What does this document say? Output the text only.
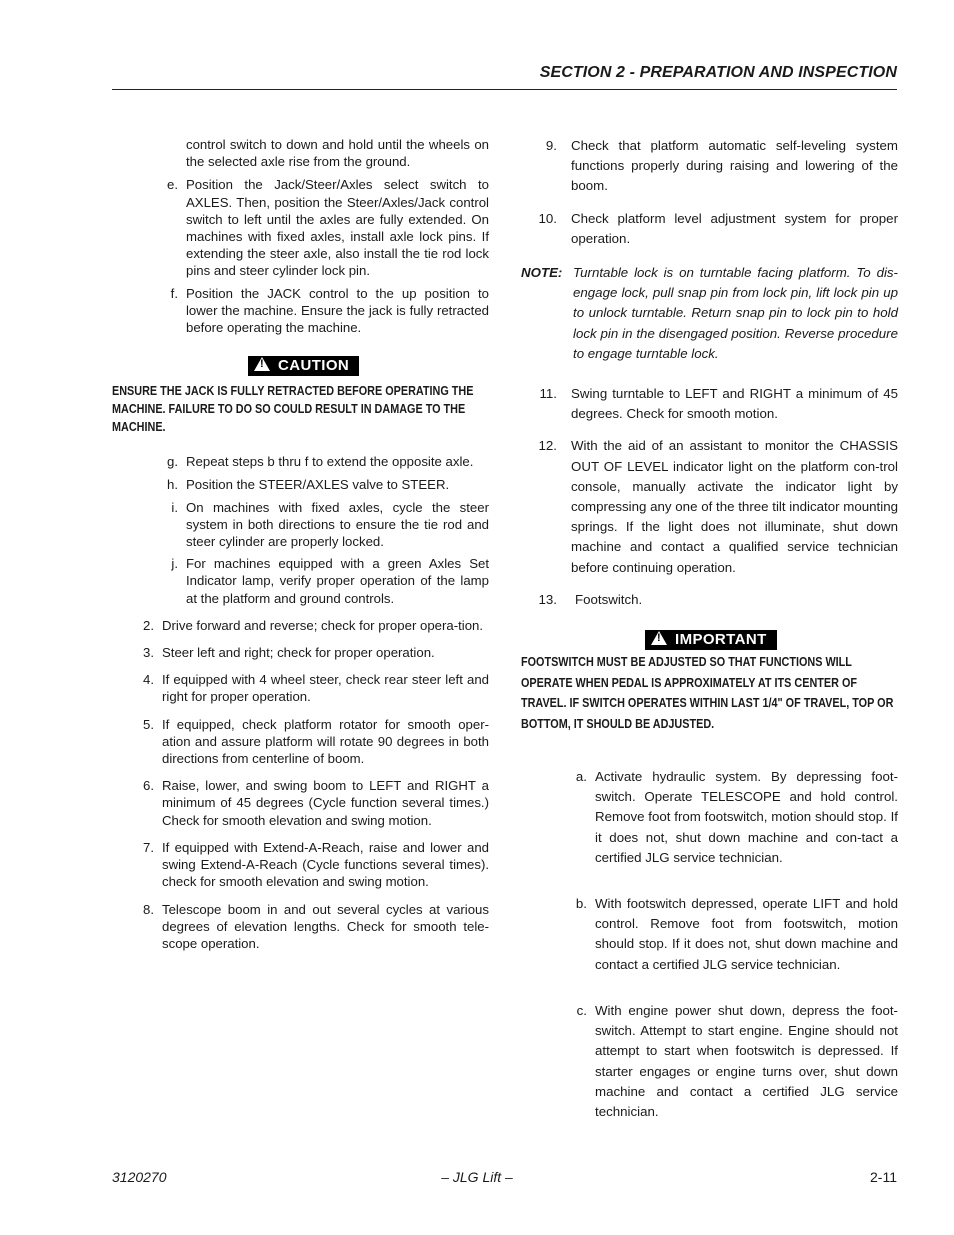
SECTION 2 - PREPARATION AND INSPECTION
control switch to down and hold until the wheels on the selected axle rise from the ground.
e. Position the Jack/Steer/Axles select switch to AXLES. Then, position the Steer/Axles/Jack control switch to left until the axles are fully extended. On machines with fixed axles, install axle lock pins. If extending the steer axle, also install the tie rod lock pins and steer cylinder lock pin.
f. Position the JACK control to the up position to lower the machine. Ensure the jack is fully retracted before operating the machine.
!CAUTION
ENSURE THE JACK IS FULLY RETRACTED BEFORE OPERATING THE MACHINE. FAILURE TO DO SO COULD RESULT IN DAMAGE TO THE MACHINE.
g. Repeat steps b thru f to extend the opposite axle.
h. Position the STEER/AXLES valve to STEER.
i. On machines with fixed axles, cycle the steer system in both directions to ensure the tie rod and steer cylinder are properly locked.
j. For machines equipped with a green Axles Set Indicator lamp, verify proper operation of the lamp at the platform and ground controls.
2. Drive forward and reverse; check for proper opera-tion.
3. Steer left and right; check for proper operation.
4. If equipped with 4 wheel steer, check rear steer left and right for proper operation.
5. If equipped, check platform rotator for smooth oper-ation and assure platform will rotate 90 degrees in both directions from centerline of boom.
6. Raise, lower, and swing boom to LEFT and RIGHT a minimum of 45 degrees (Cycle function several times.) Check for smooth elevation and swing motion.
7. If equipped with Extend-A-Reach, raise and lower and swing Extend-A-Reach (Cycle functions several times). check for smooth elevation and swing motion.
8. Telescope boom in and out several cycles at various degrees of elevation lengths. Check for smooth tele-scope operation.
9. Check that platform automatic self-leveling system functions properly during raising and lowering of the boom.
10. Check platform level adjustment system for proper operation.
NOTE: Turntable lock is on turntable facing platform. To dis-engage lock, pull snap pin from lock pin, lift lock pin up to unlock turntable. Return snap pin to lock pin to hold lock pin in the disengaged position. Reverse procedure to engage turntable lock.
11. Swing turntable to LEFT and RIGHT a minimum of 45 degrees. Check for smooth motion.
12. With the aid of an assistant to monitor the CHASSIS OUT OF LEVEL indicator light on the platform con-trol console, manually activate the indicator light by compressing any one of the three tilt indicator mounting springs. If the light does not illuminate, shut down machine and contact a qualified service technician before continuing operation.
13. Footswitch.
!IMPORTANT
FOOTSWITCH MUST BE ADJUSTED SO THAT FUNCTIONS WILL OPERATE WHEN PEDAL IS APPROXIMATELY AT ITS CENTER OF TRAVEL. IF SWITCH OPERATES WITHIN LAST 1/4" OF TRAVEL, TOP OR BOTTOM, IT SHOULD BE ADJUSTED.
a. Activate hydraulic system. By depressing foot-switch. Operate TELESCOPE and hold control. Remove foot from footswitch, motion should stop. If it does not, shut down machine and con-tact a certified JLG service technician.
b. With footswitch depressed, operate LIFT and hold control. Remove foot from footswitch, motion should stop. If it does not, shut down machine and contact a certified JLG service technician.
c. With engine power shut down, depress the foot-switch. Attempt to start engine. Engine should not attempt to start when footswitch is depressed. If starter engages or engine turns over, shut down machine and contact a certified JLG service technician.
3120270	– JLG Lift –	2-11
